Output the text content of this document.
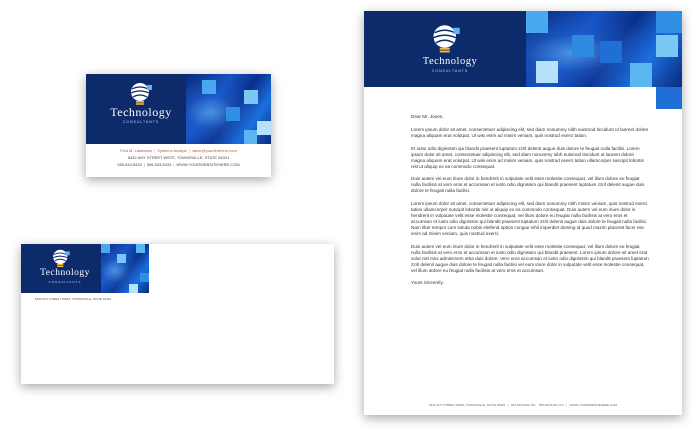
Technology
CONSULTANTS
First M. Lastname | Systems Analyst | name@yourfirmhere.com
5432 ANY STREET WEST, TOWNSVILLE, STATE 54321
555.543.5432 | 555.543.5433 | WWW.YOURWEBSITEHERE.COM
Technology
CONSULTANTS
5432 ANY STREET WEST, TOWNSVILLE, STATE 54321
Technology
CONSULTANTS

Dear Mr. Jones,

Lorem ipsum dolor sit amet, consectetuer adipiscing elit, sed diam nonummy nibh euismod tincidunt ut laoreet dolore magna aliquam erat volutpat. Ut wisi enim ad minim veniam, quis nostrud exerci tation.

Et iusto odio dignissim qui blandit praesent luptatum zzril delenit augue duis dolore te feugait nulla facilisi. Lorem ipsum dolor sit amet, consectetuer adipiscing elit, sed diam nonummy nibh euismod tincidunt ut laoreet dolore magna aliquam erat volutpat. Ut wisi enim ad minim veniam, quis nostrud exerci tation ullamcorper suscipit lobortis nisl ut aliquip ex ea commodo consequat.

Duis autem vel eum iriure dolor in hendrerit in vulputate velit esse molestie consequat, vel illum dolore eu feugiat nulla facilisis at vero eros et accumsan et iusto odio dignissim qui blandit praesent luptatum zzril delenit augue duis dolore te feugait nulla facilisi.

Lorem ipsum dolor sit amet, consectetuer adipiscing elit, sed diam nonummy nibh minim veniam, quis nostrud exerci tation ullamcorper suscipit lobortis nisl ut aliquip ex ea commodo consequat. Duis autem vel eum iriure dolor in hendrerit in vulputate velit esse molestie consequat, vel illum dolore eu feugiat nulla facilisis at vero eros et accumsan et iusto odio dignissim qui blandit praesent luptatum zzril delenit augue duis dolore te feugait nulla facilisi. Nam liber tempor cum soluta nobis eleifend option congue nihil imperdiet doming id quod mazim placerat facer eiw enim ad minim veniam, quis nostrud exerci.

Duis autem vel eum iriure dolor in hendrerit in vulputate velit esse molestie consequat, vel illum dolore eu feugiat nulla facilisis at vero eros et accumsan et iusto odio dignissim qui blandit praesent. Lorem ipsum dolore sit amet erat volut nisl mini adminimem etha duis dolore. Vero eros accumsan et iusto odio dignissim qui blandit praesent luptatum zzril delenit augue duis dolore te feugait nulla facilisi vel eum iriure dolor in vulputate velit esse molestie consequat, vel illum dolore eu feugiat nulla facilisis at vero eros et accumsan.

Yours Sincerely,

5432 ANY STREET WEST, TOWNSVILLE, STATE 54321   |   555.543.5432 TEL 555.543.5433 FAX   |   WWW.YOURWEBSITEHERE.COM
